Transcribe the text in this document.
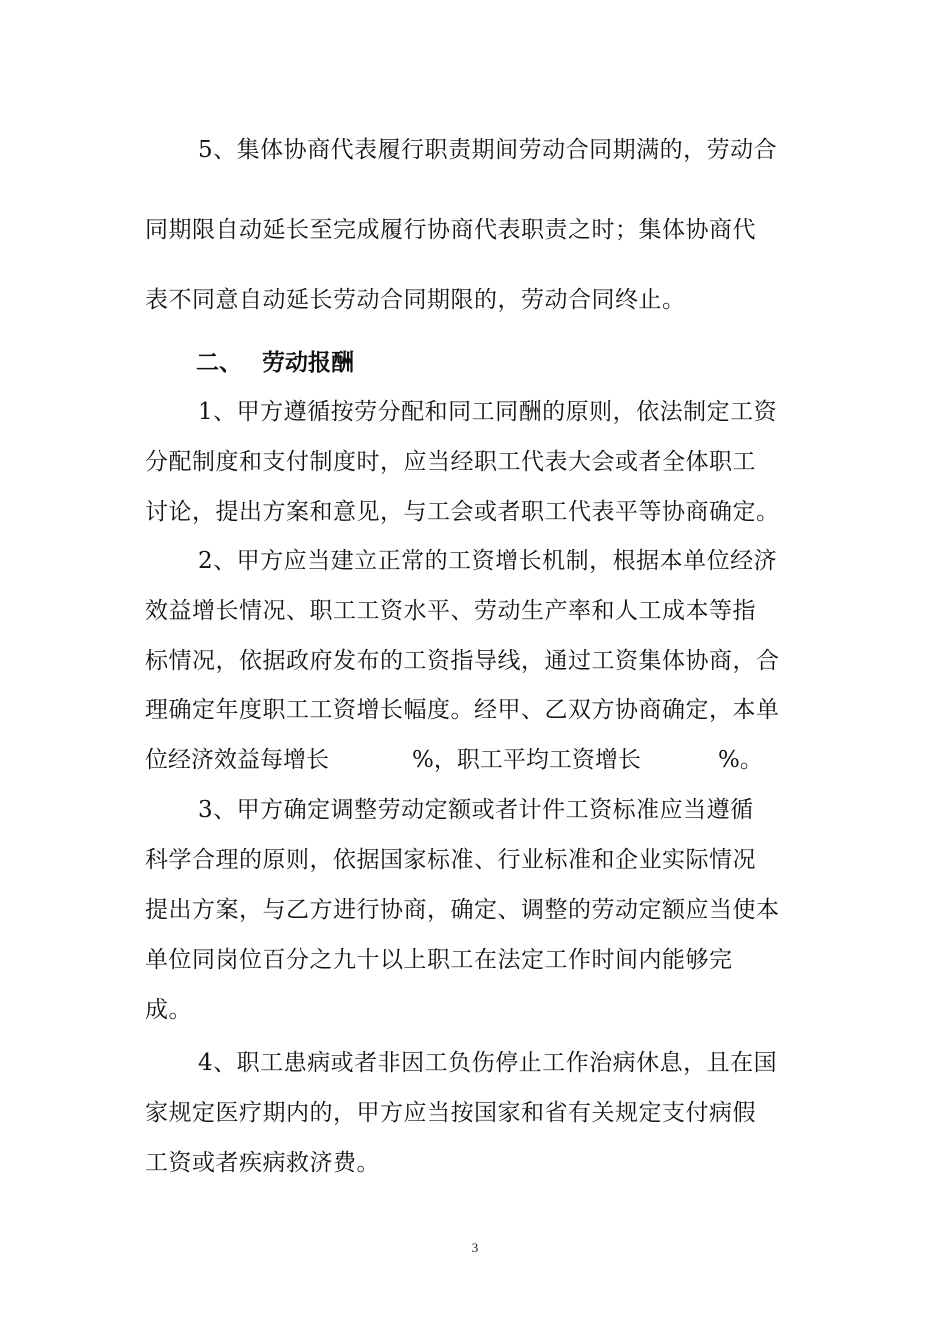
5、集体协商代表履行职责期间劳动合同期满的，劳动合
同期限自动延长至完成履行协商代表职责之时；集体协商代
表不同意自动延长劳动合同期限的，劳动合同终止。
二、 劳动报酬
1、甲方遵循按劳分配和同工同酬的原则，依法制定工资
分配制度和支付制度时，应当经职工代表大会或者全体职工
讨论，提出方案和意见，与工会或者职工代表平等协商确定。
2、甲方应当建立正常的工资增长机制，根据本单位经济
效益增长情况、职工工资水平、劳动生产率和人工成本等指
标情况，依据政府发布的工资指导线，通过工资集体协商，合
理确定年度职工工资增长幅度。经甲、乙双方协商确定，本单
位经济效益每增长	%，职工平均工资增长	%。
3、甲方确定调整劳动定额或者计件工资标准应当遵循
科学合理的原则，依据国家标准、行业标准和企业实际情况
提出方案，与乙方进行协商，确定、调整的劳动定额应当使本
单位同岗位百分之九十以上职工在法定工作时间内能够完
成。
4、职工患病或者非因工负伤停止工作治病休息，且在国
家规定医疗期内的，甲方应当按国家和省有关规定支付病假
工资或者疾病救济费。
3
